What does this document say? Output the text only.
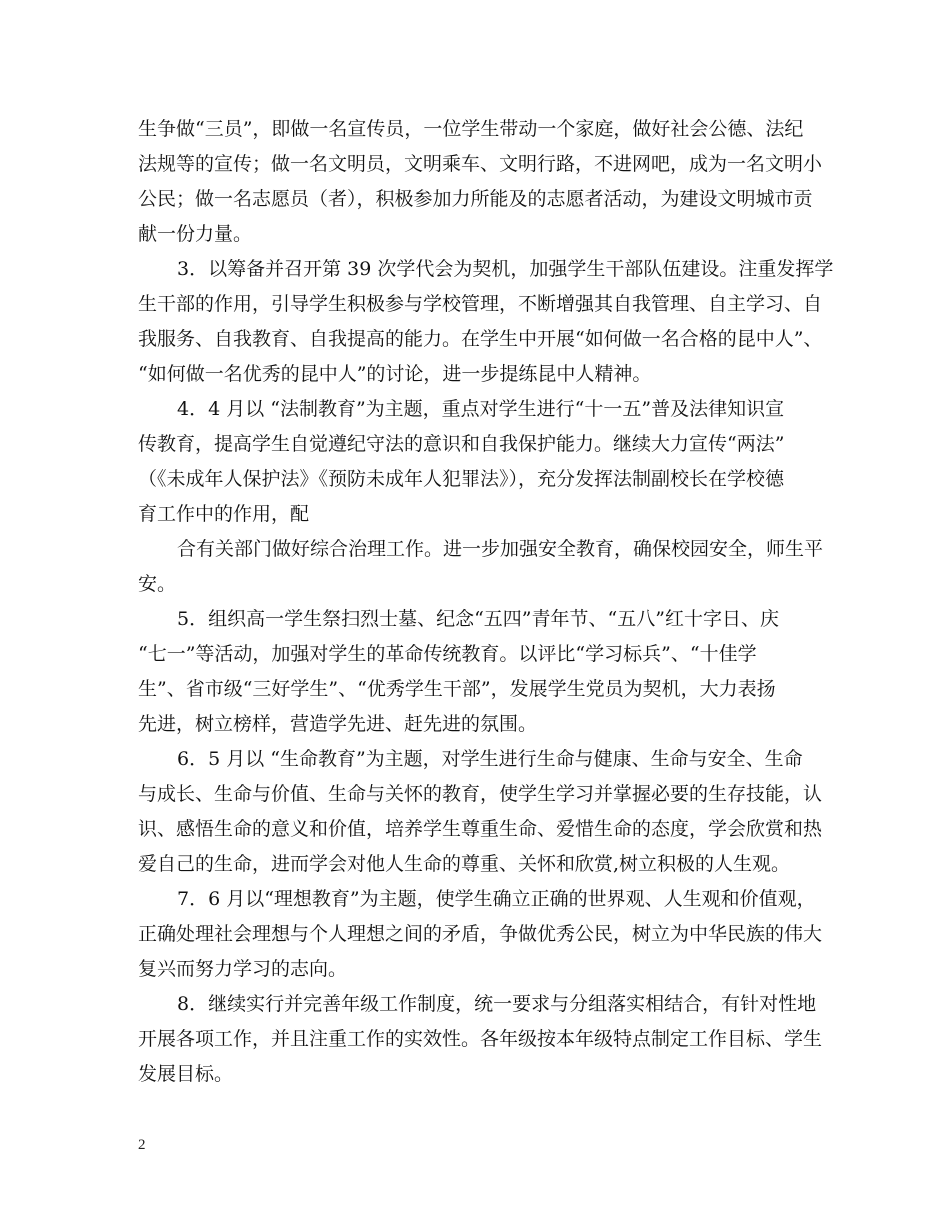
生争做“三员”，即做一名宣传员，一位学生带动一个家庭，做好社会公德、法纪
法规等的宣传；做一名文明员，文明乘车、文明行路，不进网吧，成为一名文明小
公民；做一名志愿员（者），积极参加力所能及的志愿者活动，为建设文明城市贡
献一份力量。
3．以筹备并召开第 39 次学代会为契机，加强学生干部队伍建设。注重发挥学
生干部的作用，引导学生积极参与学校管理，不断增强其自我管理、自主学习、自
我服务、自我教育、自我提高的能力。在学生中开展“如何做一名合格的昆中人”、
“如何做一名优秀的昆中人”的讨论，进一步提练昆中人精神。
4．4 月以 “法制教育”为主题，重点对学生进行“十一五”普及法律知识宣
传教育，提高学生自觉遵纪守法的意识和自我保护能力。继续大力宣传“两法”
（《未成年人保护法》《预防未成年人犯罪法》），充分发挥法制副校长在学校德
育工作中的作用，配
合有关部门做好综合治理工作。进一步加强安全教育，确保校园安全，师生平
安。
5．组织高一学生祭扫烈士墓、纪念“五四”青年节、“五八”红十字日、庆
“七一”等活动，加强对学生的革命传统教育。以评比“学习标兵”、“十佳学
生”、省市级“三好学生”、“优秀学生干部”，发展学生党员为契机，大力表扬
先进，树立榜样，营造学先进、赶先进的氛围。
6．5 月以 “生命教育”为主题，对学生进行生命与健康、生命与安全、生命
与成长、生命与价值、生命与关怀的教育，使学生学习并掌握必要的生存技能，认
识、感悟生命的意义和价值，培养学生尊重生命、爱惜生命的态度，学会欣赏和热
爱自己的生命，进而学会对他人生命的尊重、关怀和欣赏,树立积极的人生观。
7．6 月以“理想教育”为主题，使学生确立正确的世界观、人生观和价值观，
正确处理社会理想与个人理想之间的矛盾，争做优秀公民，树立为中华民族的伟大
复兴而努力学习的志向。
8．继续实行并完善年级工作制度，统一要求与分组落实相结合，有针对性地
开展各项工作，并且注重工作的实效性。各年级按本年级特点制定工作目标、学生
发展目标。

2
